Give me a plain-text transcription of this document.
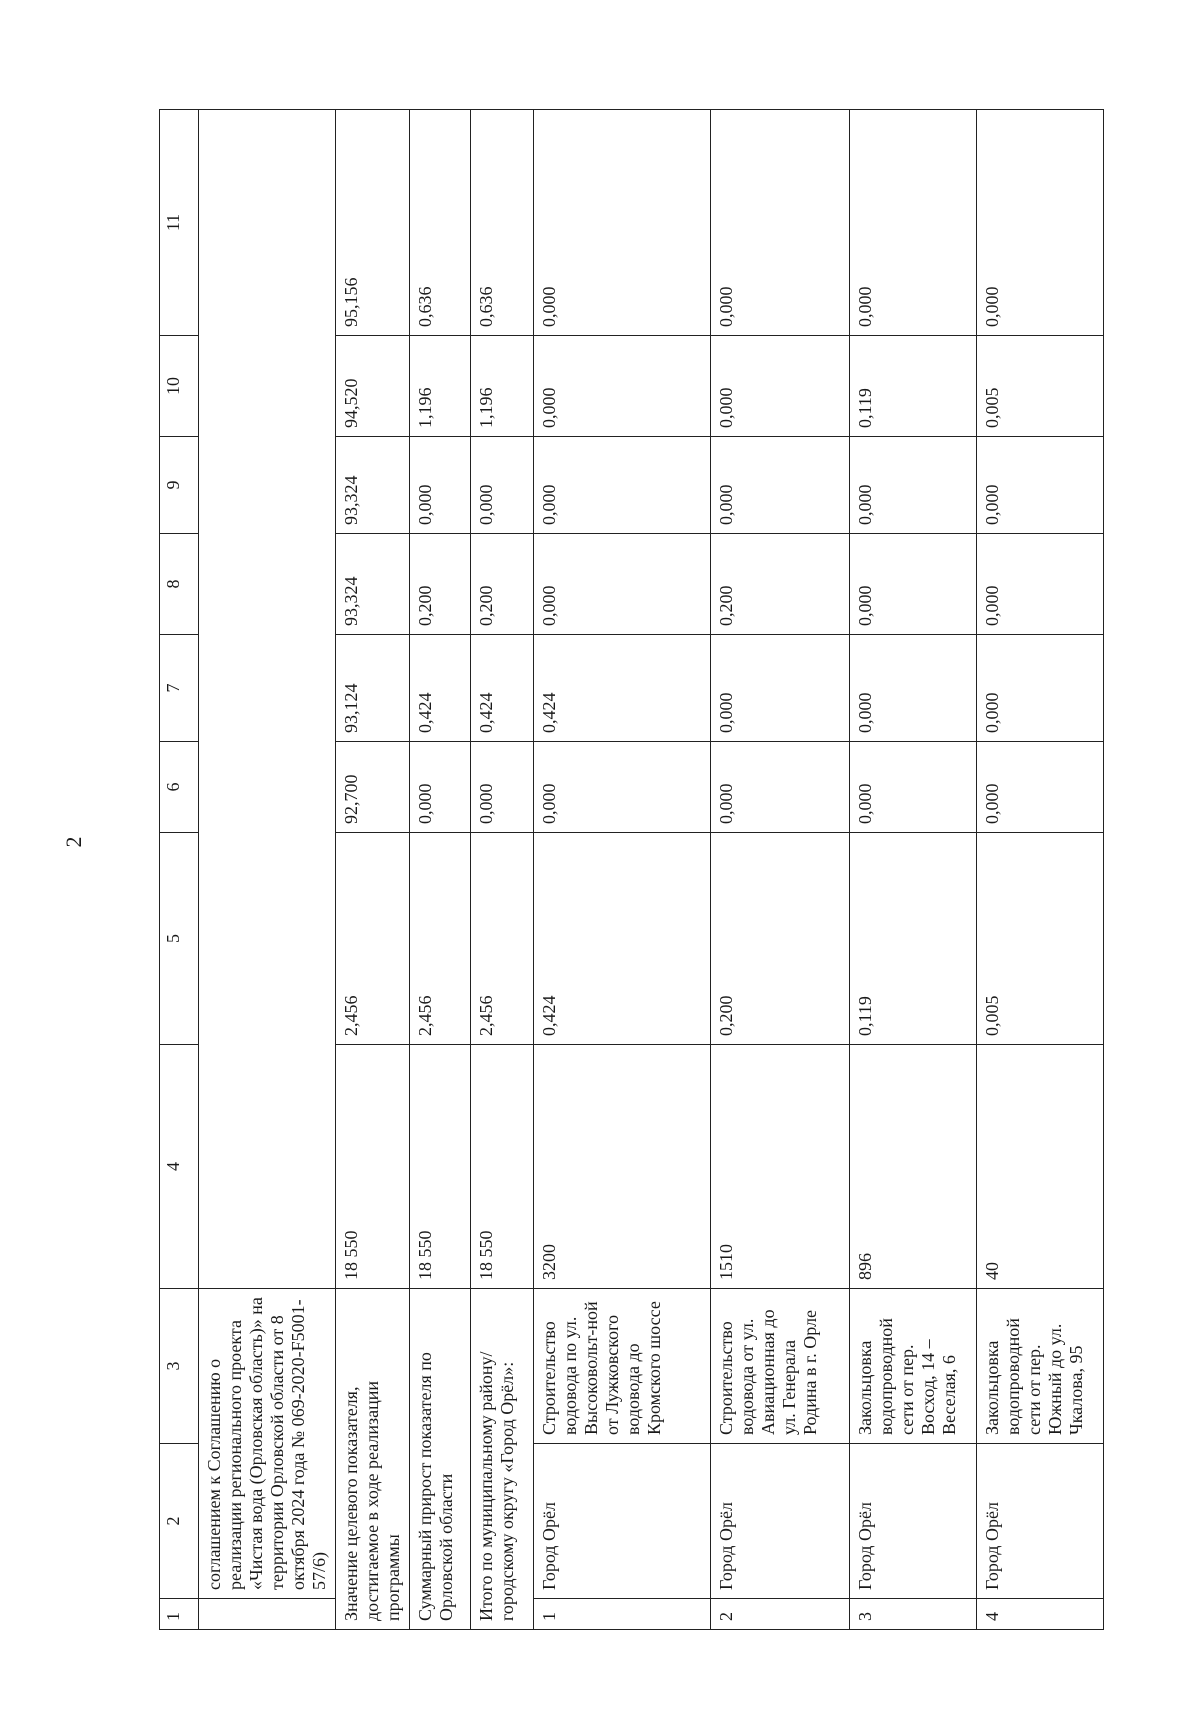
2
1	2	3	4	5	6	7	8	9	10	11
	соглашением к Соглашению о реализации регионального проекта «Чистая вода (Орловская область)» на территории Орловской области от 8 октября 2024 года № 069-2020-F5001-57/6)									
Значение целевого показателя, достигаемое в ходе реализации программы			18 550	2,456	92,700	93,124	93,324	93,324	94,520	95,156
Суммарный прирост показателя по Орловской области			18 550	2,456	0,000	0,424	0,200	0,000	1,196	0,636
Итого по муниципальному району/городскому округу «Город Орёл»:			18 550	2,456	0,000	0,424	0,200	0,000	1,196	0,636
1	Город Орёл	Строительство водовода по ул. Высоковольт-ной от Лужковского водовода до Кромского шоссе	3200	0,424	0,000	0,424	0,000	0,000	0,000	0,000
2	Город Орёл	Строительство водовода от ул. Авиационная до ул. Генерала Родина в г. Орле	1510	0,200	0,000	0,000	0,200	0,000	0,000	0,000
3	Город Орёл	Закольцовка водопроводной сети от пер. Восход, 14 – Веселая, 6	896	0,119	0,000	0,000	0,000	0,000	0,119	0,000
4	Город Орёл	Закольцовка водопроводной сети от пер. Южный до ул. Чкалова, 95	40	0,005	0,000	0,000	0,000	0,000	0,005	0,000
